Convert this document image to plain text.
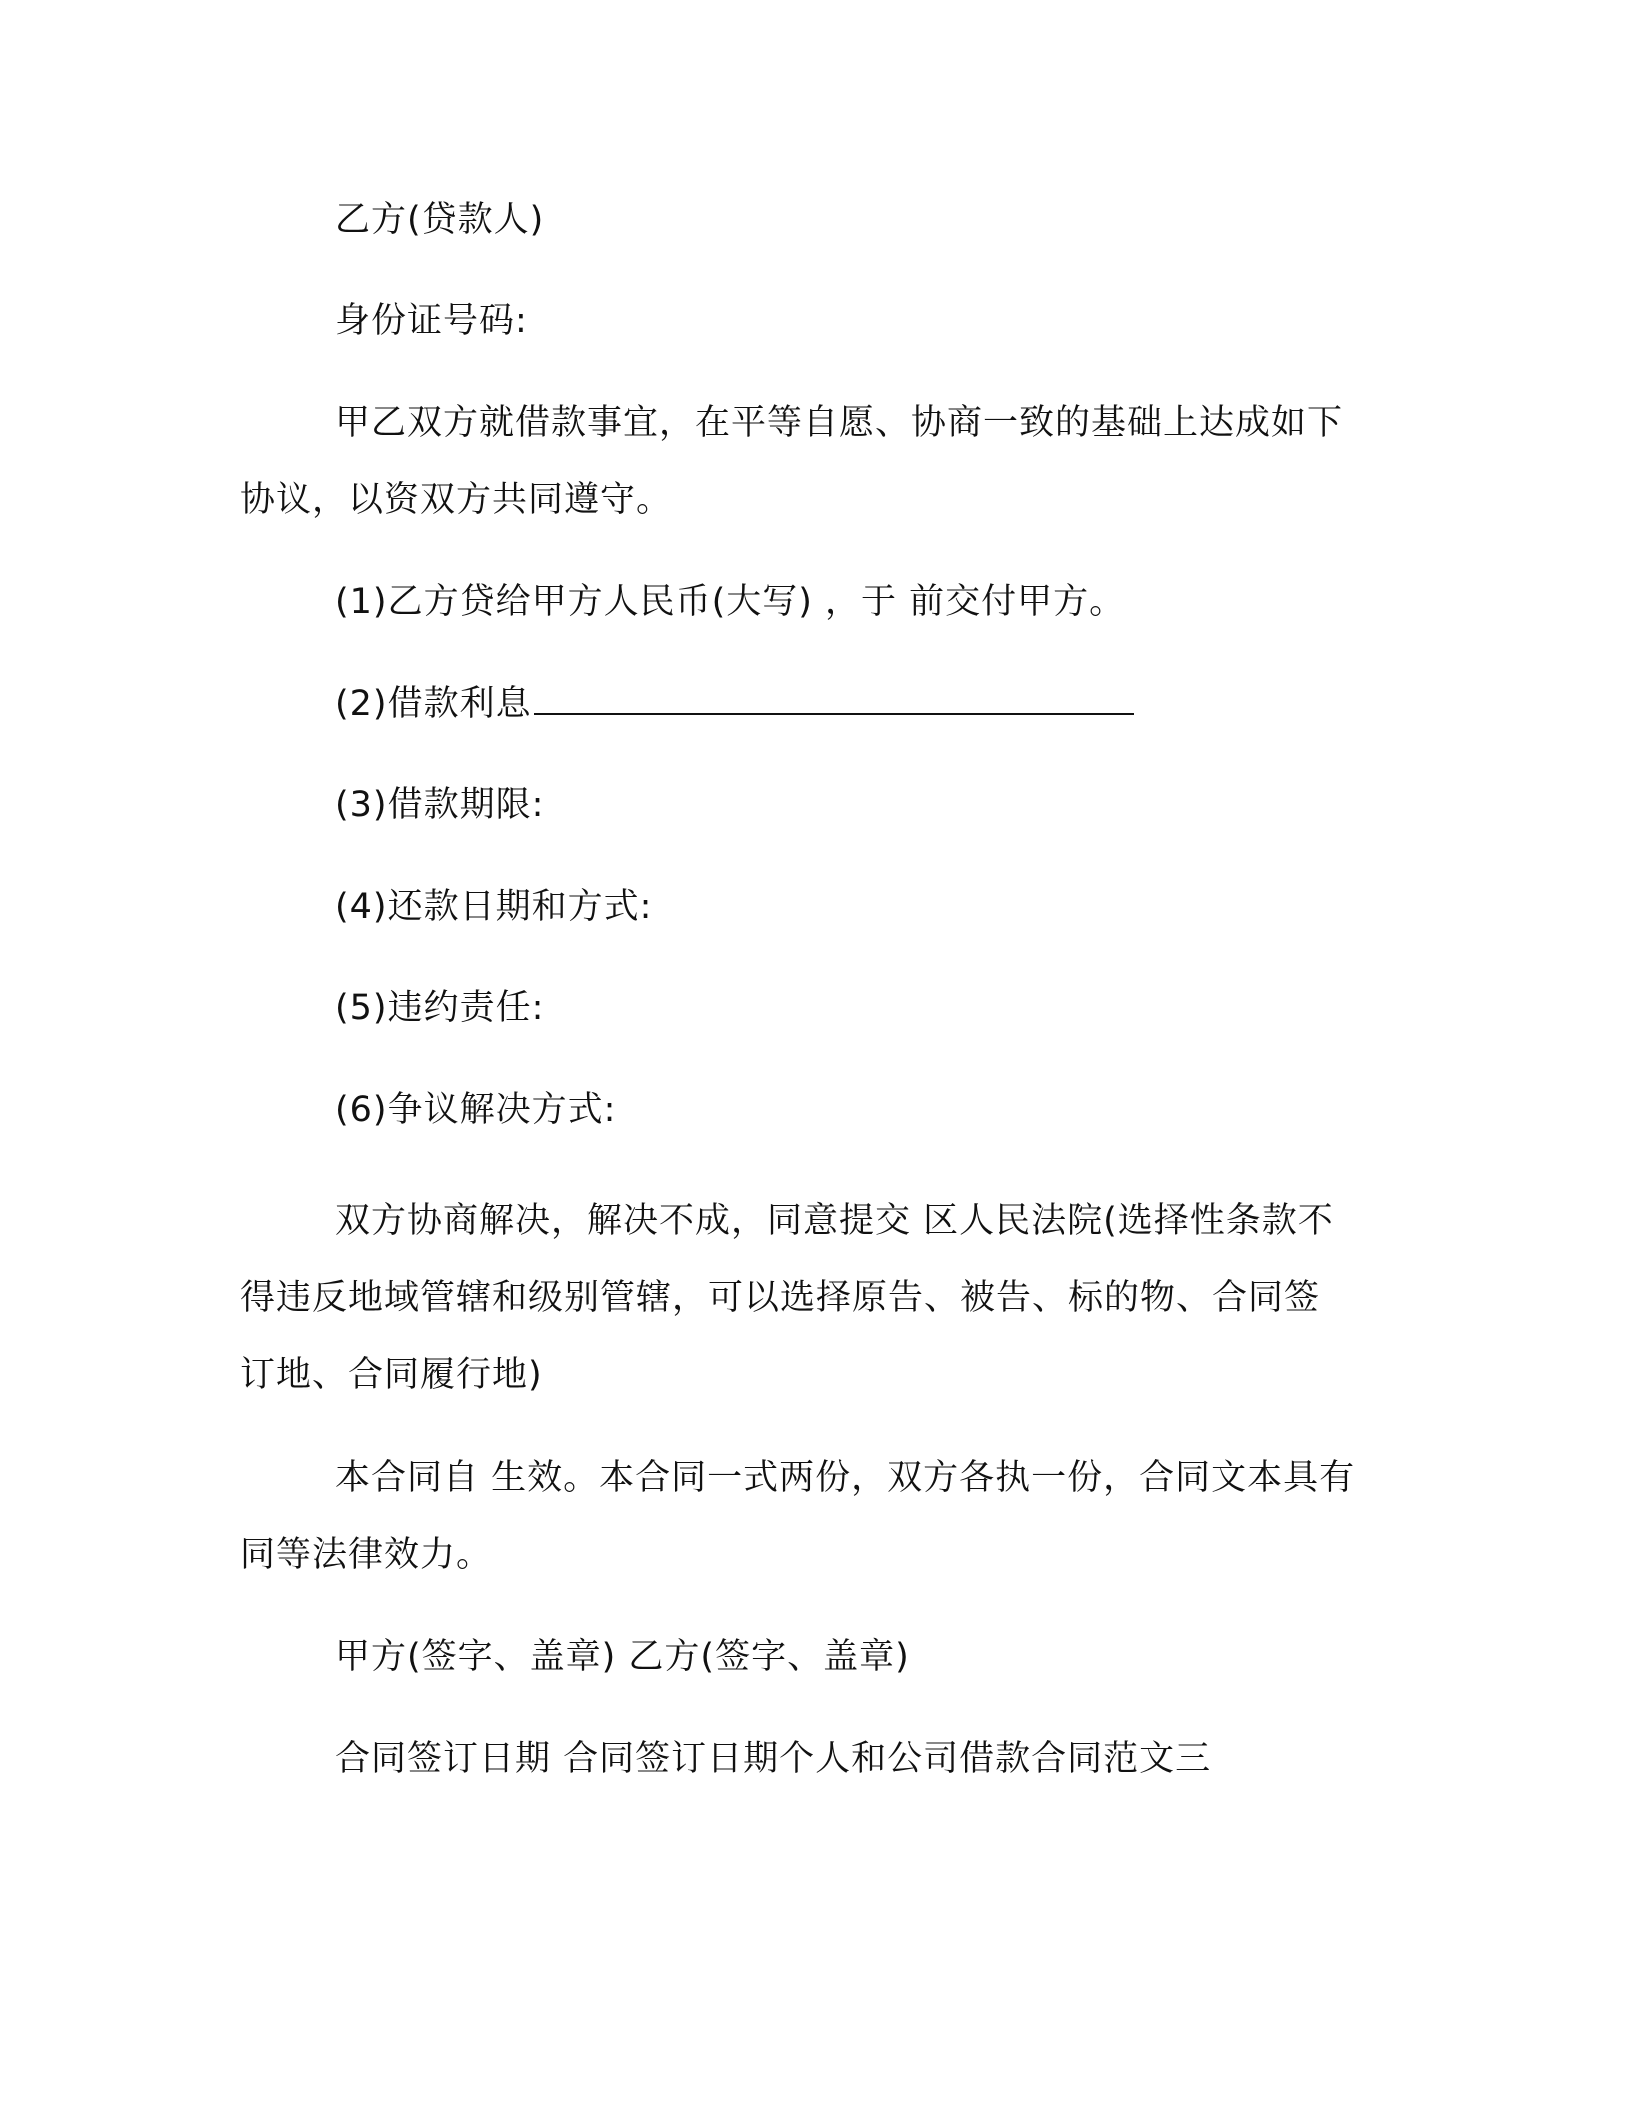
乙方(贷款人)
身份证号码:
甲乙双方就借款事宜，在平等自愿、协商一致的基础上达成如下
协议，以资双方共同遵守。
(1)乙方贷给甲方人民币(大写) ，于 前交付甲方。
(2)借款利息
(3)借款期限:
(4)还款日期和方式:
(5)违约责任:
(6)争议解决方式:
双方协商解决，解决不成，同意提交 区人民法院(选择性条款不
得违反地域管辖和级别管辖，可以选择原告、被告、标的物、合同签
订地、合同履行地)
本合同自 生效。本合同一式两份，双方各执一份，合同文本具有
同等法律效力。
甲方(签字、盖章) 乙方(签字、盖章)
合同签订日期 合同签订日期个人和公司借款合同范文三
